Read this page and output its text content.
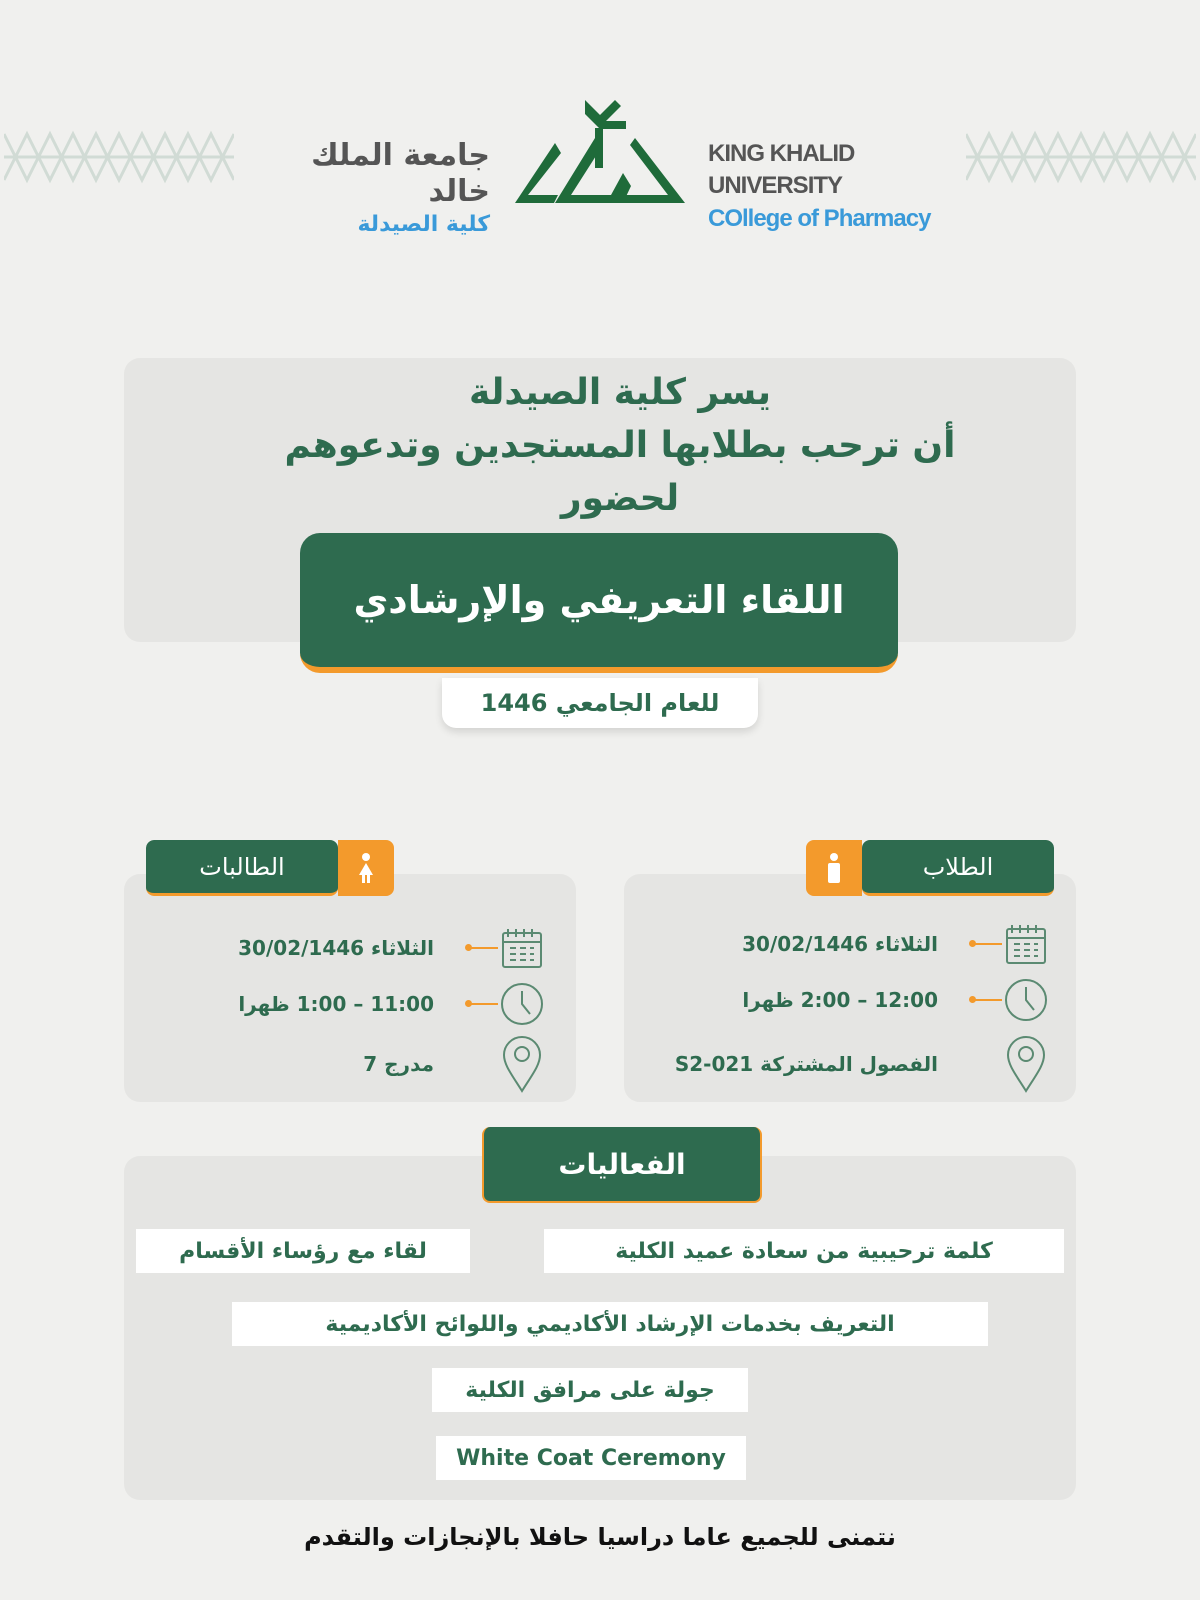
جامعة الملك خالد
كلية الصيدلة
KING KHALID UNIVERSITY
COllege of Pharmacy
يسر كلية الصيدلة
أن ترحب بطلابها المستجدين وتدعوهم
لحضور
اللقاء التعريفي والإرشادي
للعام الجامعي 1446
الطلاب
الطالبات
الثلاثاء 30/02/1446
12:00 – 2:00 ظهرا
الفصول المشتركة S2-021
الثلاثاء 30/02/1446
11:00 – 1:00 ظهرا
مدرج 7
الفعاليات
كلمة ترحيبية من سعادة عميد الكلية
لقاء مع رؤساء الأقسام
التعريف بخدمات الإرشاد الأكاديمي واللوائح الأكاديمية
جولة على مرافق الكلية
White Coat Ceremony
نتمنى للجميع عاما دراسيا حافلا بالإنجازات والتقدم
